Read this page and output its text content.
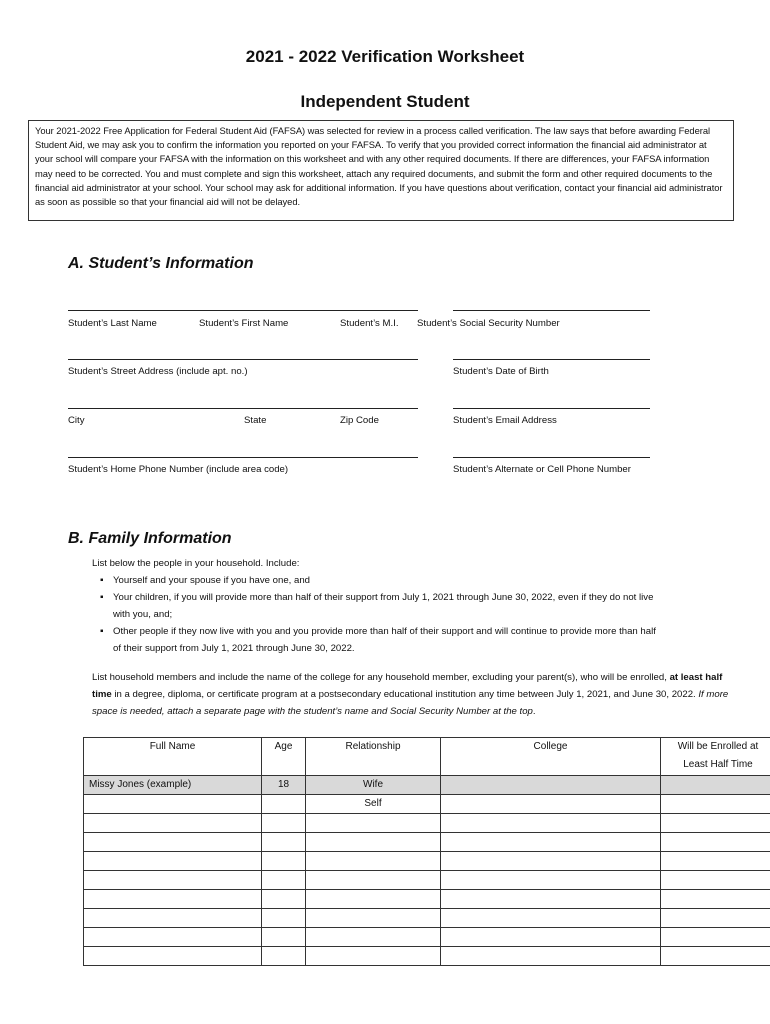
2021 - 2022 Verification Worksheet
Independent Student
Your 2021-2022 Free Application for Federal Student Aid (FAFSA) was selected for review in a process called verification. The law says that before awarding Federal Student Aid, we may ask you to confirm the information you reported on your FAFSA. To verify that you provided correct information the financial aid administrator at your school will compare your FAFSA with the information on this worksheet and with any other required documents. If there are differences, your FAFSA information may need to be corrected. You and must complete and sign this worksheet, attach any required documents, and submit the form and other required documents to the financial aid administrator at your school. Your school may ask for additional information. If you have questions about verification, contact your financial aid administrator as soon as possible so that your financial aid will not be delayed.
A. Student’s Information
Student’s Last Name	Student’s First Name	Student’s M.I. Student’s Social Security Number
Student’s Street Address (include apt. no.)	Student’s Date of Birth
City	State	Zip Code	Student’s Email Address
Student’s Home Phone Number (include area code)	Student’s Alternate or Cell Phone Number
B. Family Information
List below the people in your household. Include:
▪ Yourself and your spouse if you have one, and
▪ Your children, if you will provide more than half of their support from July 1, 2021 through June 30, 2022, even if they do not live with you, and;
▪ Other people if they now live with you and you provide more than half of their support and will continue to provide more than half of their support from July 1, 2021 through June 30, 2022.
List household members and include the name of the college for any household member, excluding your parent(s), who will be enrolled, at least half time in a degree, diploma, or certificate program at a postsecondary educational institution any time between July 1, 2021, and June 30, 2022. If more space is needed, attach a separate page with the student’s name and Social Security Number at the top.
Full Name	Age	Relationship	College	Will be Enrolled at Least Half Time
Missy Jones (example)	18	Wife		
		Self		
